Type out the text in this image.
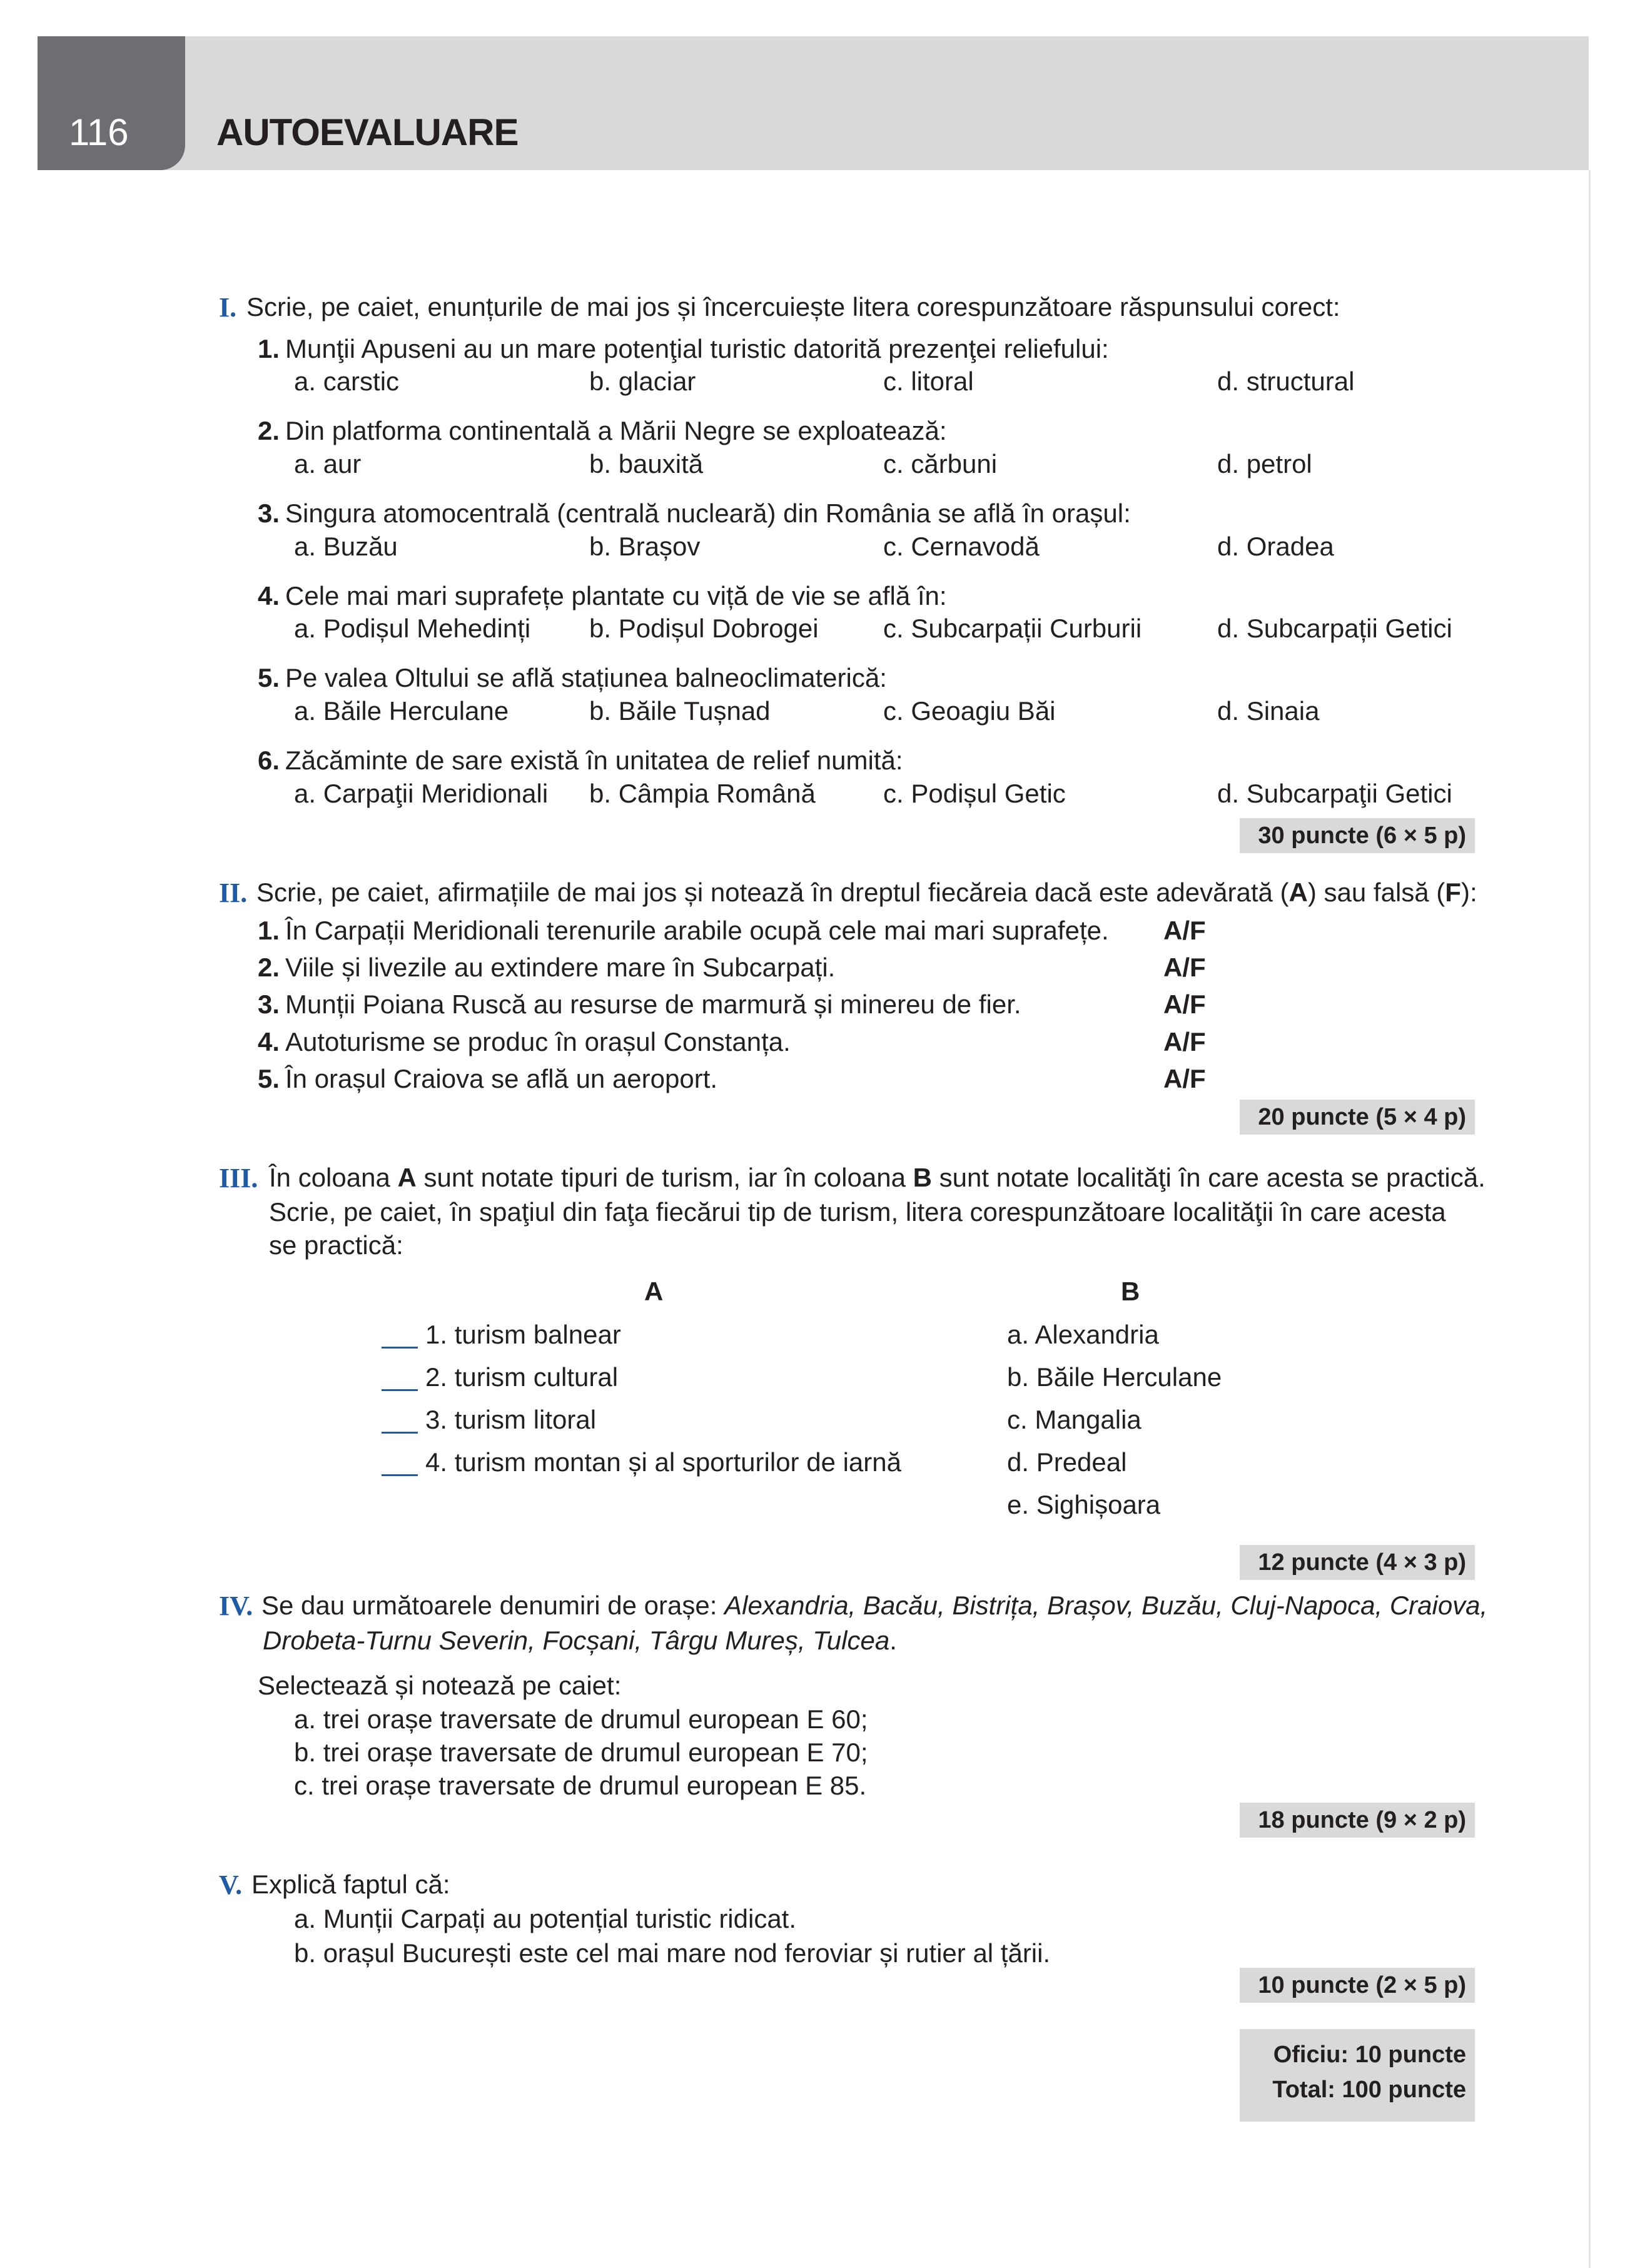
116 AUTOEVALUARE
I. Scrie, pe caiet, enunțurile de mai jos și încercuiește litera corespunzătoare răspunsului corect:
1. Munţii Apuseni au un mare potenţial turistic datorită prezenţei reliefului:
a. carstic	b. glaciar	c. litoral	d. structural
2. Din platforma continentală a Mării Negre se exploatează:
a. aur	b. bauxită	c. cărbuni	d. petrol
3. Singura atomocentrală (centrală nucleară) din România se află în orașul:
a. Buzău	b. Brașov	c. Cernavodă	d. Oradea
4. Cele mai mari suprafețe plantate cu viță de vie se află în:
a. Podișul Mehedinți b. Podișul Dobrogei c. Subcarpații Curburii	d. Subcarpații Getici
5. Pe valea Oltului se află stațiunea balneoclimaterică:
a. Băile Herculane	b. Băile Tușnad	c. Geoagiu Băi	d. Sinaia
6. Zăcăminte de sare există în unitatea de relief numită:
a. Carpaţii Meridionali b. Câmpia Română	c. Podișul Getic	d. Subcarpaţii Getici
30 puncte (6 × 5 p)
II. Scrie, pe caiet, afirmațiile de mai jos și notează în dreptul fiecăreia dacă este adevărată (A) sau falsă (F):
1. În Carpații Meridionali terenurile arabile ocupă cele mai mari suprafețe. A/F
2. Viile și livezile au extindere mare în Subcarpați.	A/F
3. Munții Poiana Ruscă au resurse de marmură și minereu de fier.	A/F
4. Autoturisme se produc în orașul Constanța.	A/F
5. În orașul Craiova se află un aeroport.	A/F
20 puncte (5 × 4 p)
III. În coloana A sunt notate tipuri de turism, iar în coloana B sunt notate localităţi în care acesta se practică.
Scrie, pe caiet, în spaţiul din faţa fiecărui tip de turism, litera corespunzătoare localităţii în care acesta
se practică:
A	B
1. turism balnear
2. turism cultural
3. turism litoral
4. turism montan și al sporturilor de iarnă
a. Alexandria
b. Băile Herculane
c. Mangalia
d. Predeal
e. Sighișoara
12 puncte (4 × 3 p)
IV. Se dau următoarele denumiri de orașe: Alexandria, Bacău, Bistrița, Brașov, Buzău, Cluj-Napoca, Craiova,
Drobeta-Turnu Severin, Focșani, Târgu Mureș, Tulcea.
Selectează și notează pe caiet:
a. trei orașe traversate de drumul european E 60;
b. trei orașe traversate de drumul european E 70;
c. trei orașe traversate de drumul european E 85.
18 puncte (9 × 2 p)
V. Explică faptul că:
a. Munții Carpați au potențial turistic ridicat.
b. orașul București este cel mai mare nod feroviar și rutier al țării.
10 puncte (2 × 5 p)
Oficiu: 10 puncte
Total: 100 puncte
